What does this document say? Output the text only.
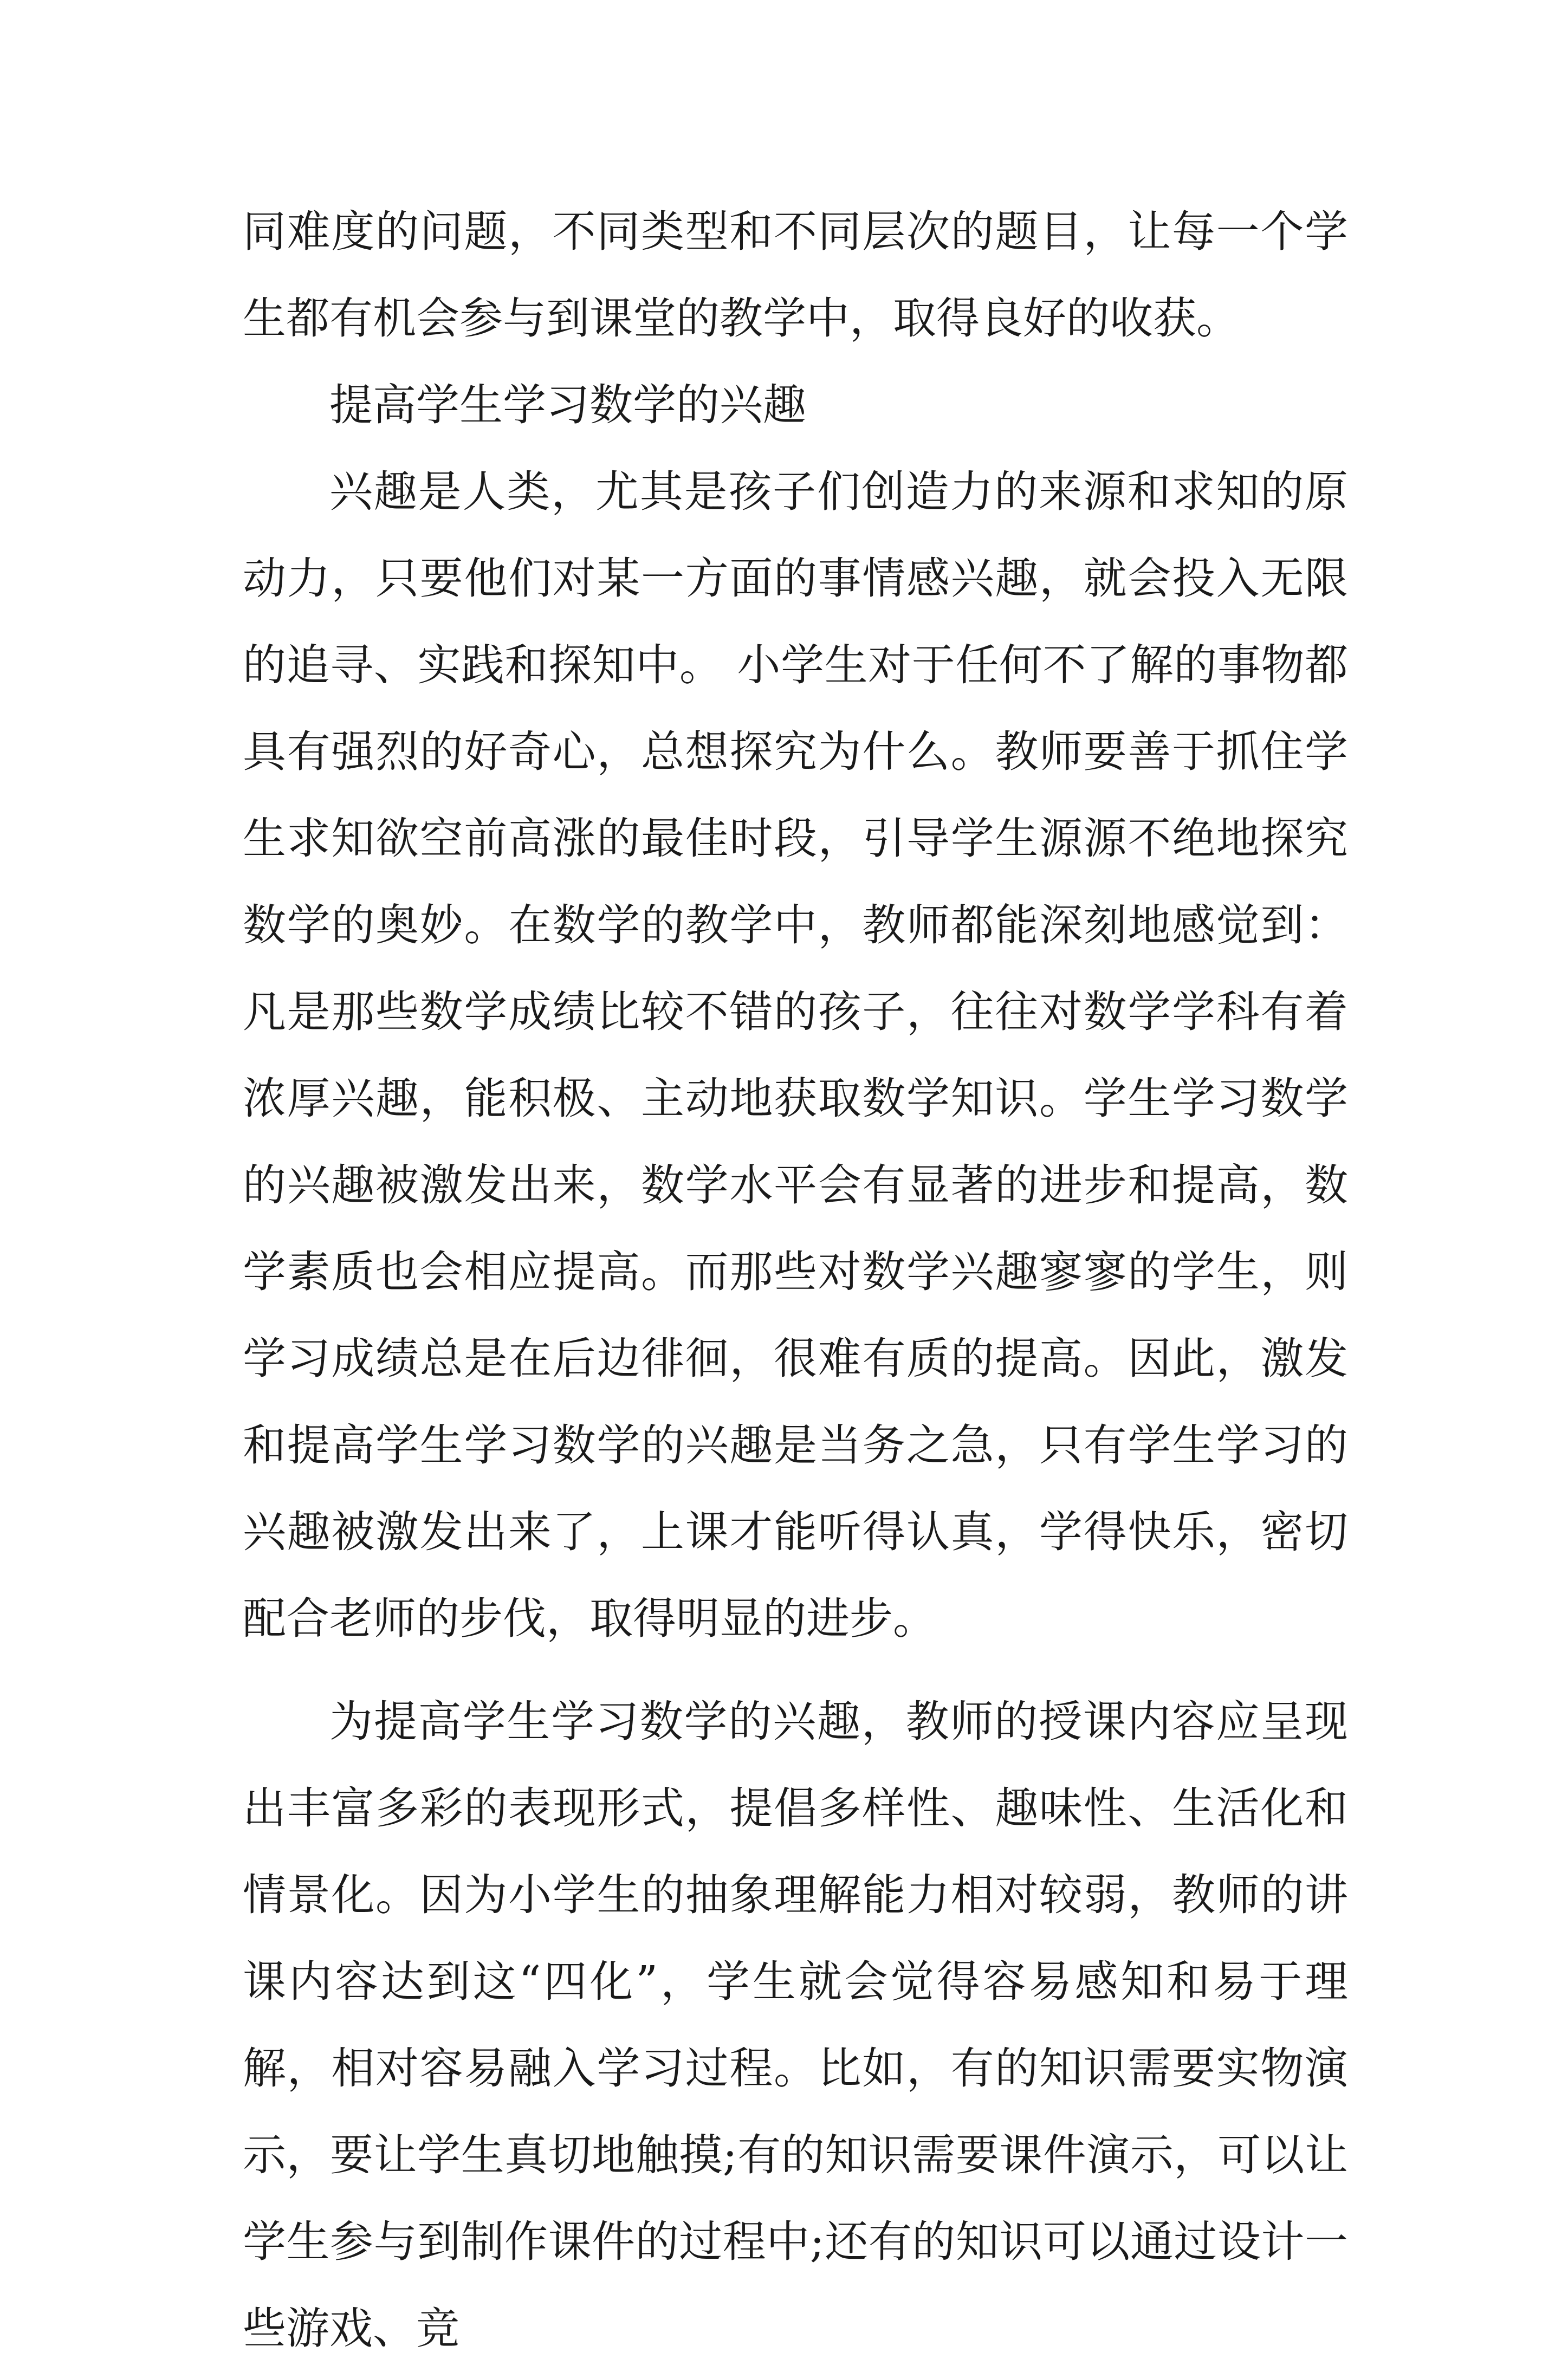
同难度的问题，不同类型和不同层次的题目，让每一个学生都有机会参与到课堂的教学中，取得良好的收获。

提高学生学习数学的兴趣

兴趣是人类，尤其是孩子们创造力的来源和求知的原动力，只要他们对某一方面的事情感兴趣，就会投入无限的追寻、实践和探知中。 小学生对于任何不了解的事物都具有强烈的好奇心，总想探究为什么。教师要善于抓住学生求知欲空前高涨的最佳时段，引导学生源源不绝地探究数学的奥妙。在数学的教学中，教师都能深刻地感觉到：凡是那些数学成绩比较不错的孩子，往往对数学学科有着浓厚兴趣，能积极、主动地获取数学知识。学生学习数学的兴趣被激发出来，数学水平会有显著的进步和提高，数学素质也会相应提高。而那些对数学兴趣寥寥的学生，则学习成绩总是在后边徘徊，很难有质的提高。因此，激发和提高学生学习数学的兴趣是当务之急，只有学生学习的兴趣被激发出来了，上课才能听得认真，学得快乐，密切配合老师的步伐，取得明显的进步。

为提高学生学习数学的兴趣，教师的授课内容应呈现出丰富多彩的表现形式，提倡多样性、趣味性、生活化和情景化。因为小学生的抽象理解能力相对较弱，教师的讲课内容达到这“四化”，学生就会觉得容易感知和易于理解，相对容易融入学习过程。比如，有的知识需要实物演示，要让学生真切地触摸;有的知识需要课件演示，可以让学生参与到制作课件的过程中;还有的知识可以通过设计一些游戏、竞
